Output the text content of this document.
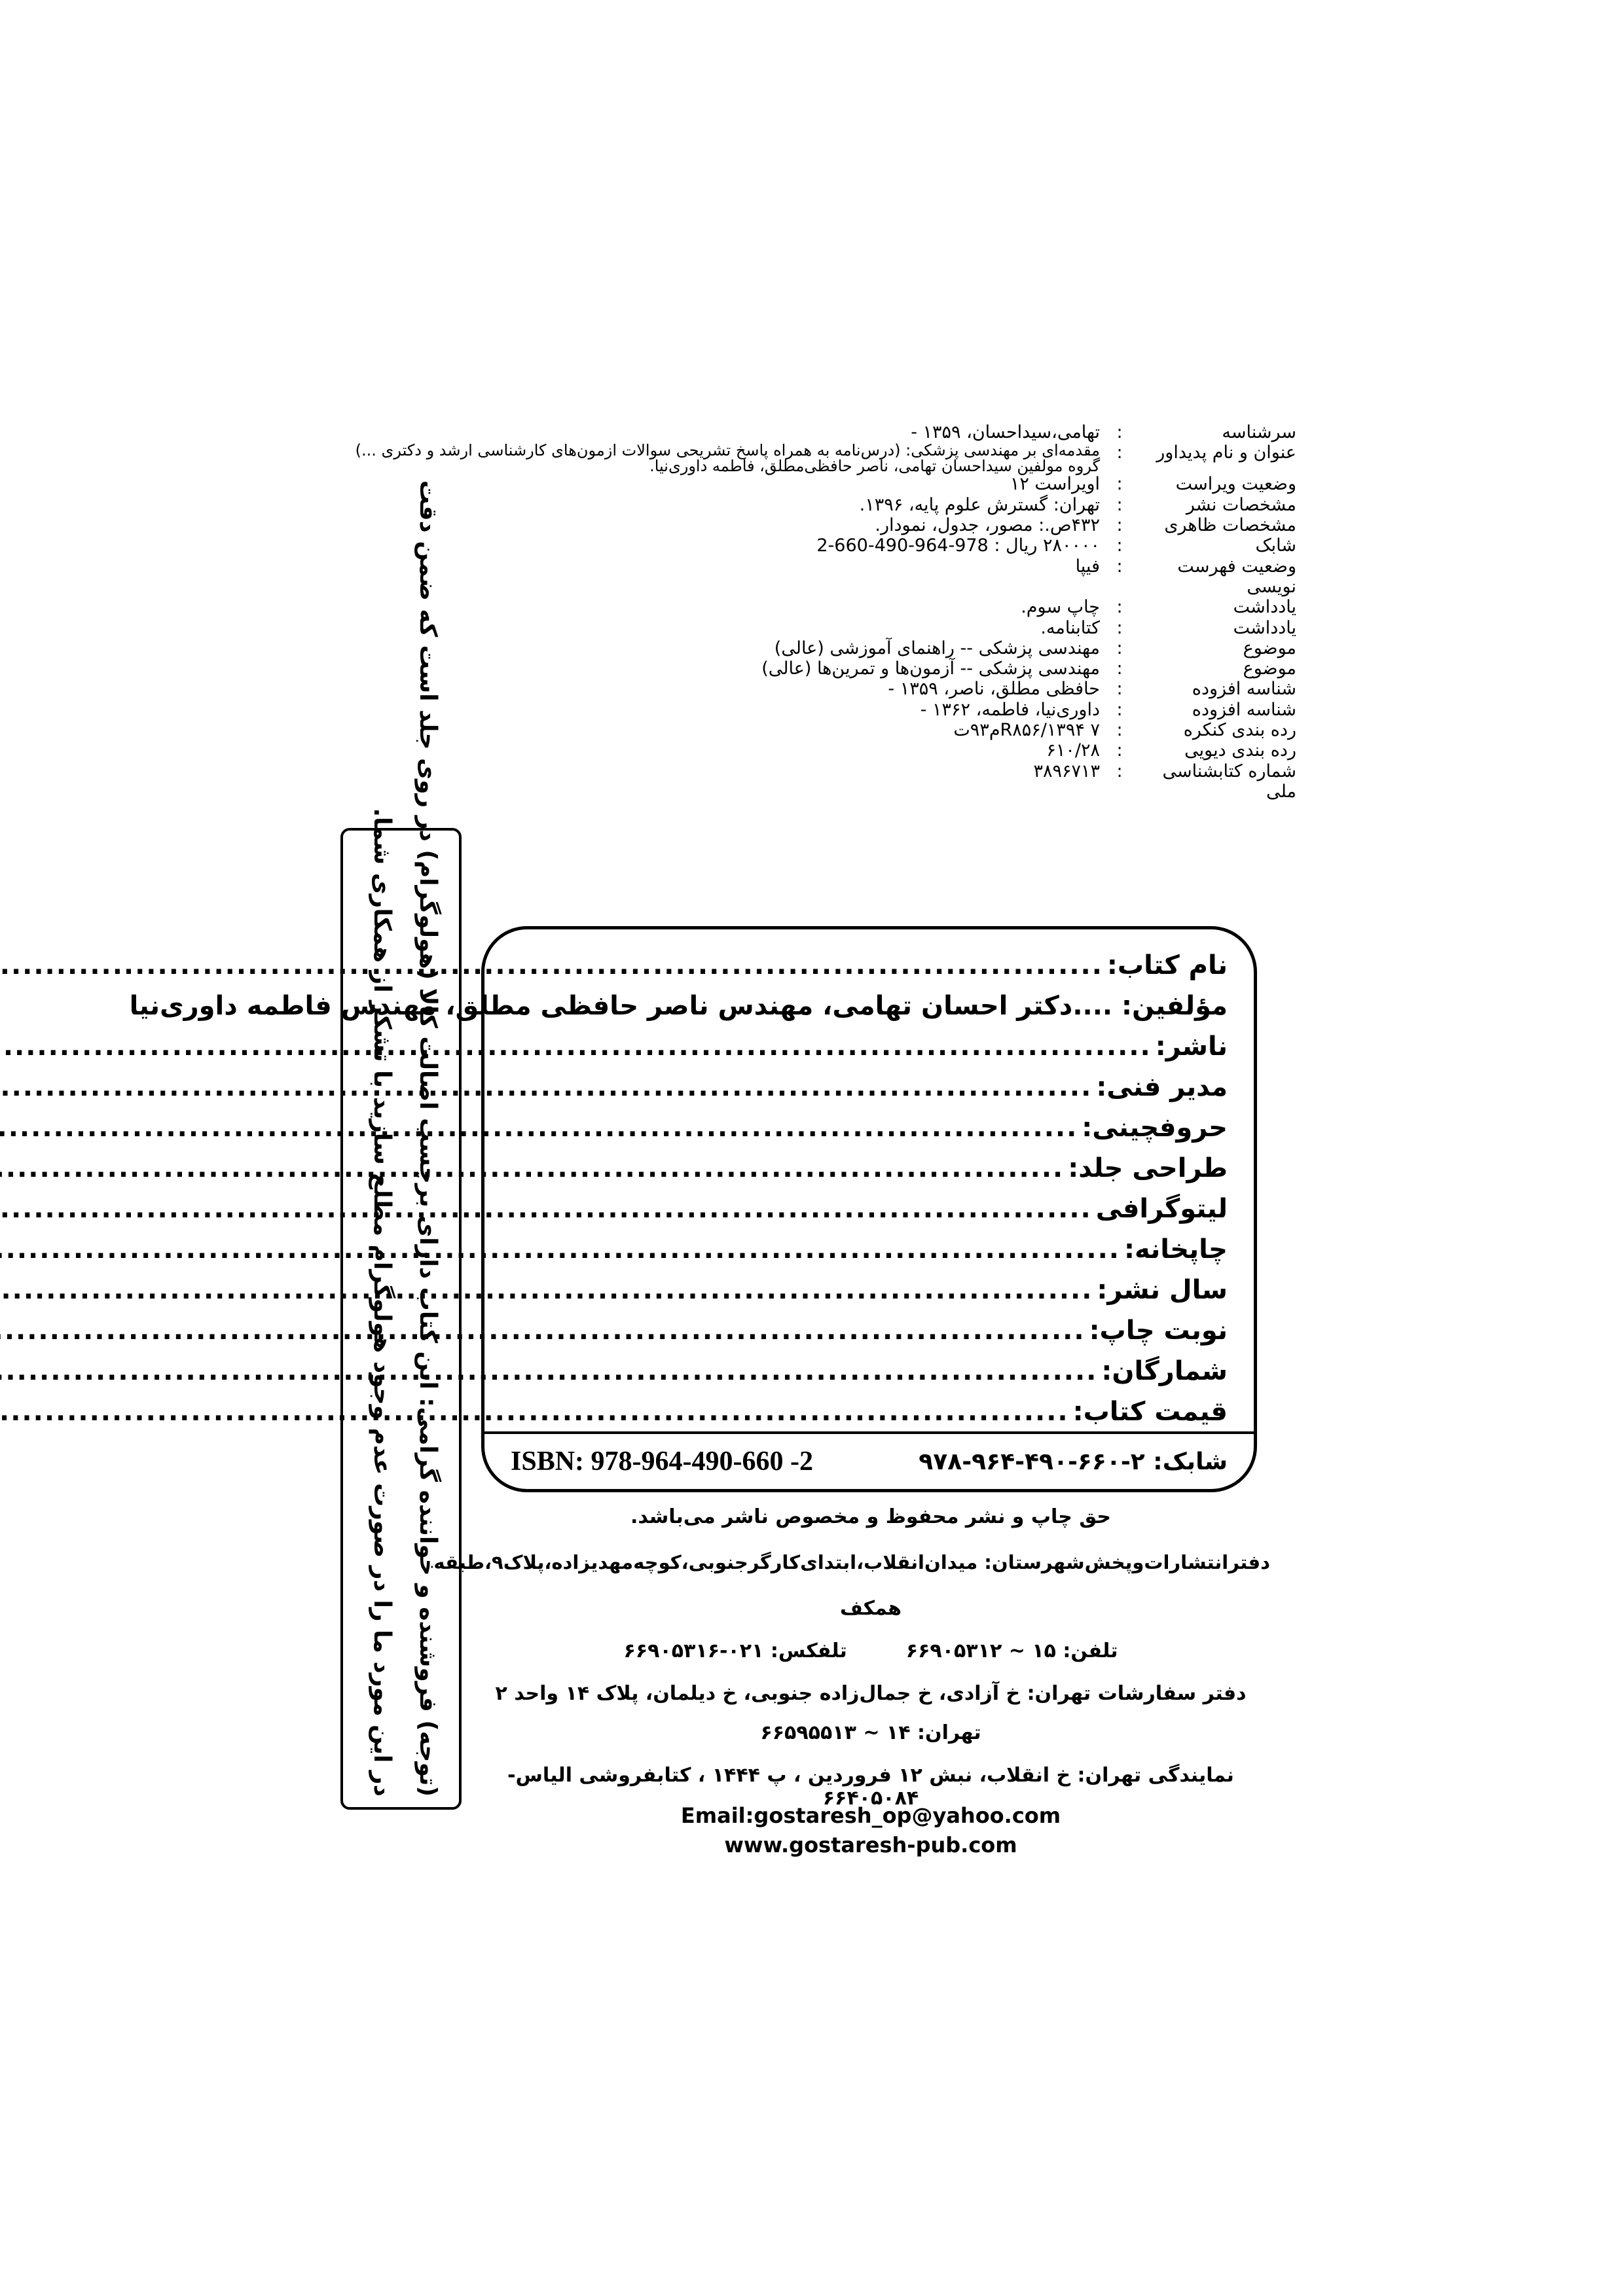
سرشناسه
:
تهامی،سیداحسان، ۱۳۵۹ -
عنوان و نام پدیداور
:
مقدمه‌ای بر مهندسی پزشکی: (درس‌نامه به همراه پاسخ تشریحی سوالات ازمون‌های کارشناسی ارشد و دکتری ...) گروه مولفین سیداحسان تهامی، ناصر حافظی‌مطلق، فاطمه داوری‌نیا.
وضعیت ویراست
:
اویراست ۱۲
مشخصات نشر
:
تهران: گسترش علوم پایه، ۱۳۹۶.
مشخصات ظاهری
:
۴۳۲ص.: مصور، جدول، نمودار.
شابک
:
۲۸۰۰۰۰ ریال : 978-964-490-660-2
وضعیت فهرست نویسی
:
فیپا
یادداشت
:
چاپ سوم.
یادداشت
:
کتابنامه.
موضوع
:
مهندسی پزشکی -- راهنمای آموزشی (عالی)
موضوع
:
مهندسی پزشکی -- آزمون‌ها و تمرین‌ها (عالی)
شناسه افزوده
:
حافظی مطلق، ناصر، ۱۳۵۹ -
شناسه افزوده
:
داوری‌نیا، فاطمه، ۱۳۶۲ -
رده بندی کنکره
:
R۸۵۶/۱۳۹۴ ۷م۹۳ت
رده بندی دیویی
:
۶۱۰/۲۸
شماره کتابشناسی ملی
:
۳۸۹۶۷۱۳
نام کتاب:
.....
مؤلفین: ....
دکتر احسان تهامی، مهندس ناصر حافظی مطلق، مهندس فاطمه داوری‌نیا
ناشر:
.....
مدیر فنی:
.....
حروفچینی:
.....
طراحی جلد:
.....
لیتوگرافی
.....
چاپخانه:
.....
سال نشر:
.....
نوبت چاپ:
.....
شمارگان:
.....
قیمت کتاب:
.....
شابک: ۲-۶۶۰-۴۹۰-۹۶۴-۹۷۸
ISBN: 978-964-490-660 -2
حق چاپ و نشر محفوظ و مخصوص ناشر می‌باشد.
دفترانتشارات‌وپخش‌شهرستان: میدان‌انقلاب،ابتدای‌کارگرجنوبی،کوچه‌مهدیزاده،پلاک۹،طبقه
همکف
تلفن: ۱۵ ~ ۶۶۹۰۵۳۱۲
تلفکس: ۰۲۱-۶۶۹۰۵۳۱۶
دفتر سفارشات تهران: خ آزادی، خ جمال‌زاده جنوبی، خ دیلمان، پلاک ۱۴ واحد ۲
تهران: ۱۴ ~ ۶۶۵۹۵۵۱۳
نمایندگی تهران: خ انقلاب، نبش ۱۲ فروردین ، پ ۱۴۴۴ ، کتابفروشی الیاس- ۶۶۴۰۵۰۸۴
Email:gostaresh_op@yahoo.com
www.gostaresh-pub.com
(توجه) فروشنده و خواننده گرامی: این کتاب دارای برچسب اصالت کالا (هولوگرام) در روی جلد است که ضمن دقت
در این مورد ما را در صورت عدم وجود هولوگرام مطلع سازید.
با تشکر از همکاری شما.
